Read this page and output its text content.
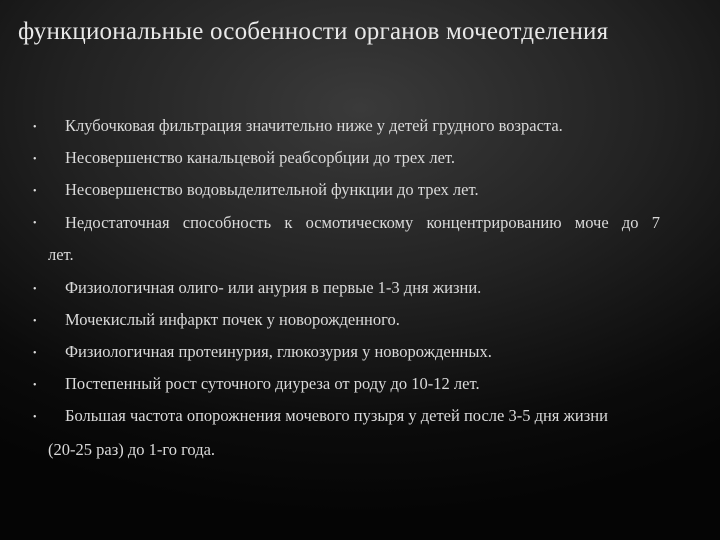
функциональные особенности органов мочеотделения
• Клубочковая фильтрация значительно ниже у детей грудного возраста.
• Несовершенство канальцевой реабсорбции до трех лет.
• Несовершенство водовыделительной функции до трех лет.
• Недостаточная способность к осмотическому концентрированию моче до 7
лет.
• Физиологичная олиго- или анурия в первые 1-3 дня жизни.
• Мочекислый инфаркт почек у новорожденного.
• Физиологичная протеинурия, глюкозурия у новорожденных.
• Постепенный рост суточного диуреза от роду до 10-12 лет.
• Большая частота опорожнения мочевого пузыря у детей после 3-5 дня жизни
(20-25 раз) до 1-го года.
